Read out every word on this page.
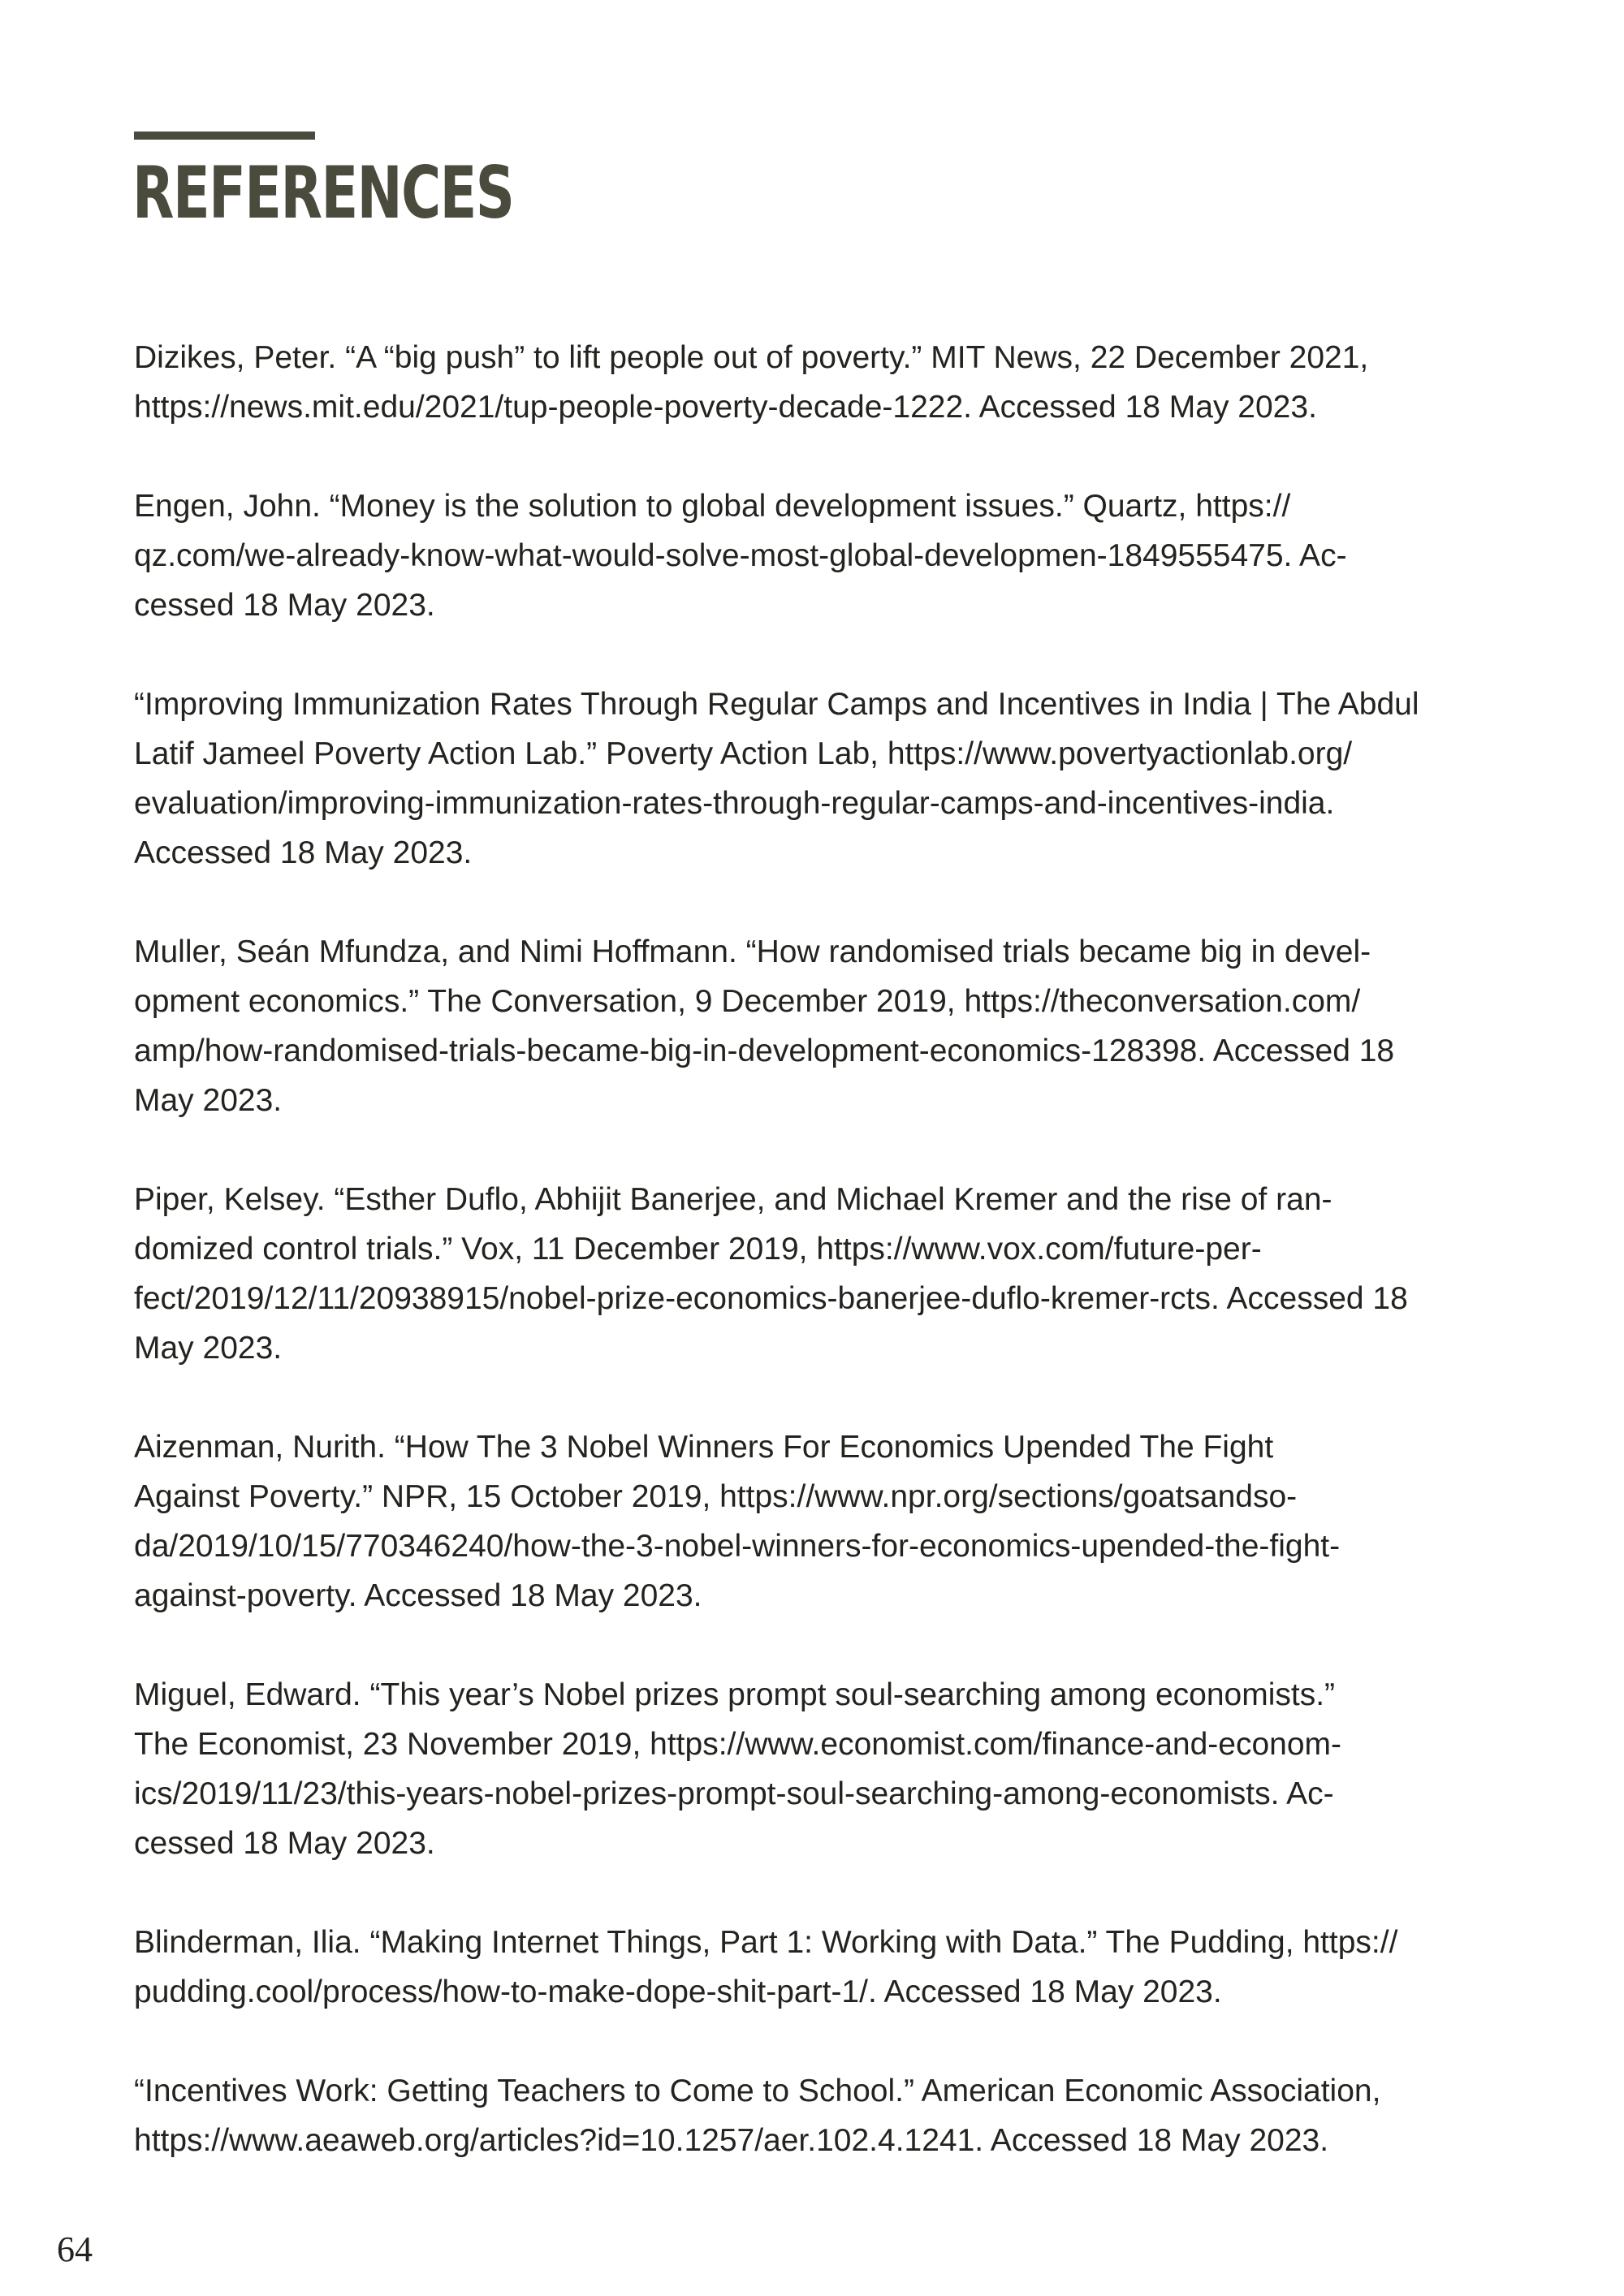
REFERENCES
Dizikes, Peter. “A “big push” to lift people out of poverty.” MIT News, 22 December 2021,
https://news.mit.edu/2021/tup-people-poverty-decade-1222. Accessed 18 May 2023.
Engen, John. “Money is the solution to global development issues.” Quartz, https://
qz.com/we-already-know-what-would-solve-most-global-developmen-1849555475. Ac-
cessed 18 May 2023.
“Improving Immunization Rates Through Regular Camps and Incentives in India | The Abdul
Latif Jameel Poverty Action Lab.” Poverty Action Lab, https://www.povertyactionlab.org/
evaluation/improving-immunization-rates-through-regular-camps-and-incentives-india.
Accessed 18 May 2023.
Muller, Seán Mfundza, and Nimi Hoffmann. “How randomised trials became big in devel-
opment economics.” The Conversation, 9 December 2019, https://theconversation.com/
amp/how-randomised-trials-became-big-in-development-economics-128398. Accessed 18
May 2023.
Piper, Kelsey. “Esther Duflo, Abhijit Banerjee, and Michael Kremer and the rise of ran-
domized control trials.” Vox, 11 December 2019, https://www.vox.com/future-per-
fect/2019/12/11/20938915/nobel-prize-economics-banerjee-duflo-kremer-rcts. Accessed 18
May 2023.
Aizenman, Nurith. “How The 3 Nobel Winners For Economics Upended The Fight
Against Poverty.” NPR, 15 October 2019, https://www.npr.org/sections/goatsandso-
da/2019/10/15/770346240/how-the-3-nobel-winners-for-economics-upended-the-fight-
against-poverty. Accessed 18 May 2023.
Miguel, Edward. “This year’s Nobel prizes prompt soul-searching among economists.”
The Economist, 23 November 2019, https://www.economist.com/finance-and-econom-
ics/2019/11/23/this-years-nobel-prizes-prompt-soul-searching-among-economists. Ac-
cessed 18 May 2023.
Blinderman, Ilia. “Making Internet Things, Part 1: Working with Data.” The Pudding, https://
pudding.cool/process/how-to-make-dope-shit-part-1/. Accessed 18 May 2023.
“Incentives Work: Getting Teachers to Come to School.” American Economic Association,
https://www.aeaweb.org/articles?id=10.1257/aer.102.4.1241. Accessed 18 May 2023.
64
